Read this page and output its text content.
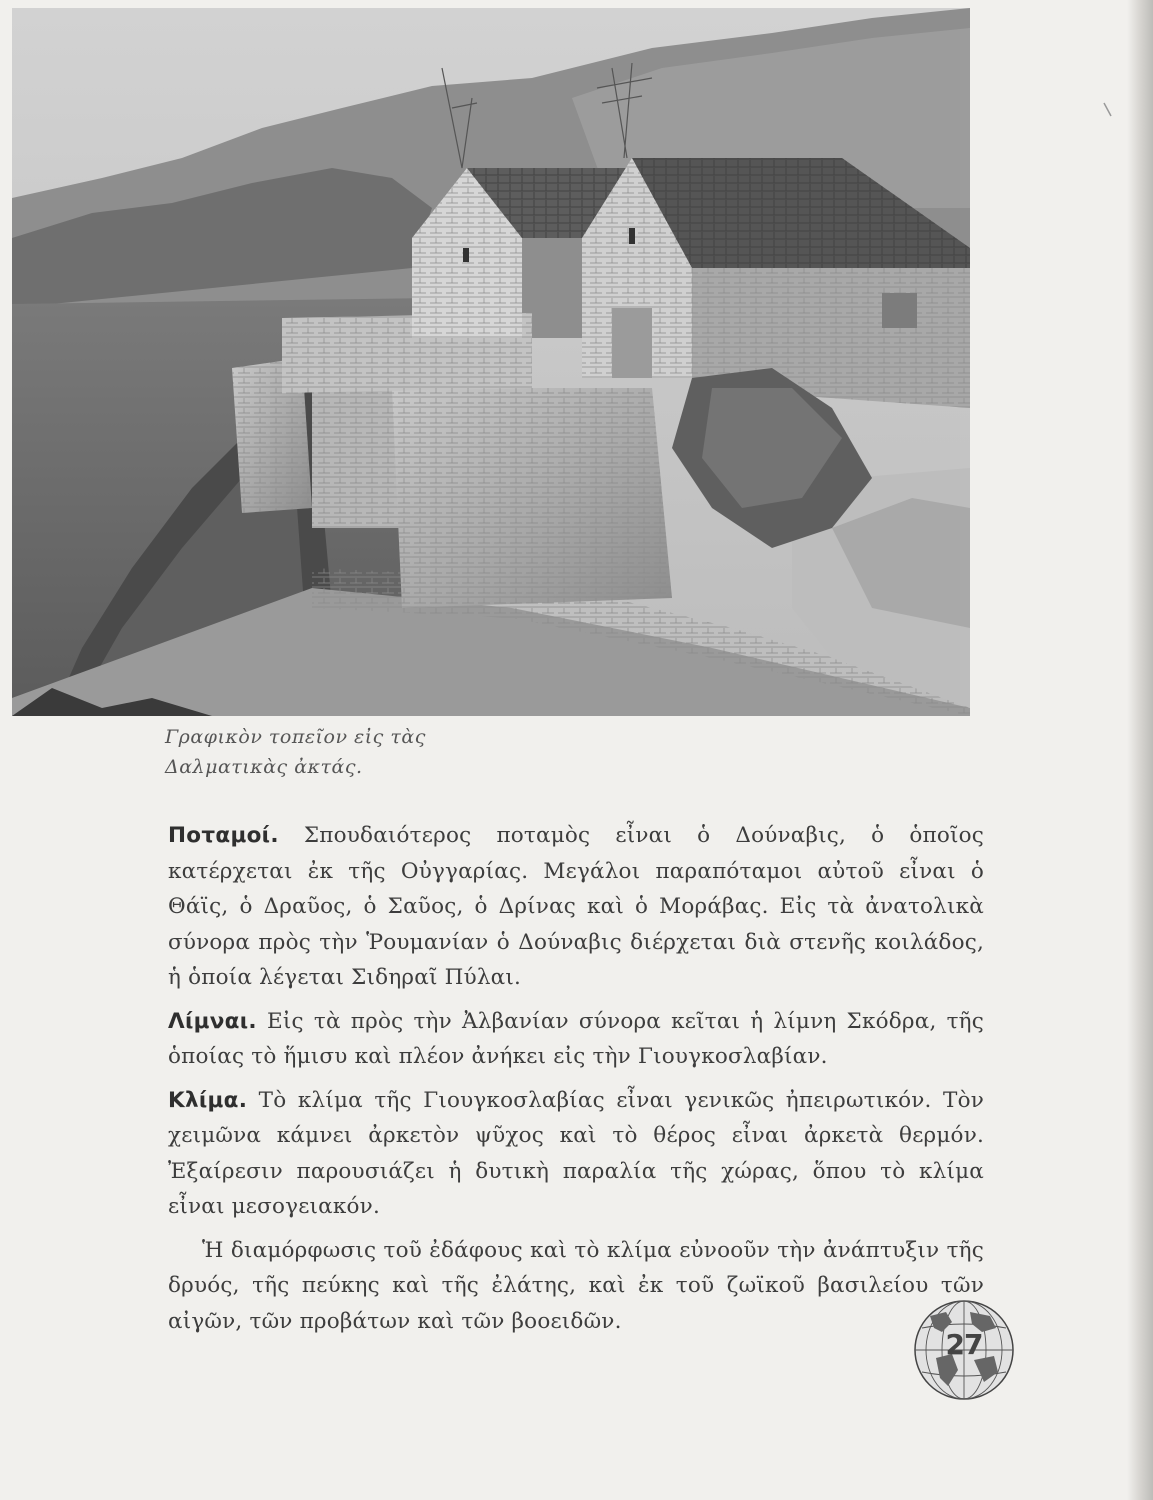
Γραφικὸν τοπεῖον εἰς τὰς
Δαλματικὰς ἀκτάς.

Ποταμοί. Σπουδαιότερος ποταμὸς εἶναι ὁ Δούναβις, ὁ ὁποῖος κατέρχεται ἐκ τῆς Οὐγγαρίας. Μεγάλοι παραπόταμοι αὐτοῦ εἶναι ὁ Θάϊς, ὁ Δραῦος, ὁ Σαῦος, ὁ Δρίνας καὶ ὁ Μοράβας. Εἰς τὰ ἀνατολικὰ σύνορα πρὸς τὴν Ῥουμανίαν ὁ Δούναβις διέρχεται διὰ στενῆς κοιλάδος, ἡ ὁποία λέγεται Σιδηραῖ Πύλαι.

Λίμναι. Εἰς τὰ πρὸς τὴν Ἀλβανίαν σύνορα κεῖται ἡ λίμνη Σκόδρα, τῆς ὁποίας τὸ ἥμισυ καὶ πλέον ἀνήκει εἰς τὴν Γιουγκοσλαβίαν.

Κλίμα. Τὸ κλίμα τῆς Γιουγκοσλαβίας εἶναι γενικῶς ἠπειρωτικόν. Τὸν χειμῶνα κάμνει ἀρκετὸν ψῦχος καὶ τὸ θέρος εἶναι ἀρκετὰ θερμόν. Ἐξαίρεσιν παρουσιάζει ἡ δυτικὴ παραλία τῆς χώρας, ὅπου τὸ κλίμα εἶναι μεσογειακόν.

Ἡ διαμόρφωσις τοῦ ἐδάφους καὶ τὸ κλίμα εὐνοοῦν τὴν ἀνάπτυξιν τῆς δρυός, τῆς πεύκης καὶ τῆς ἐλάτης, καὶ ἐκ τοῦ ζωϊκοῦ βασιλείου τῶν αἰγῶν, τῶν προβάτων καὶ τῶν βοοειδῶν.

27
